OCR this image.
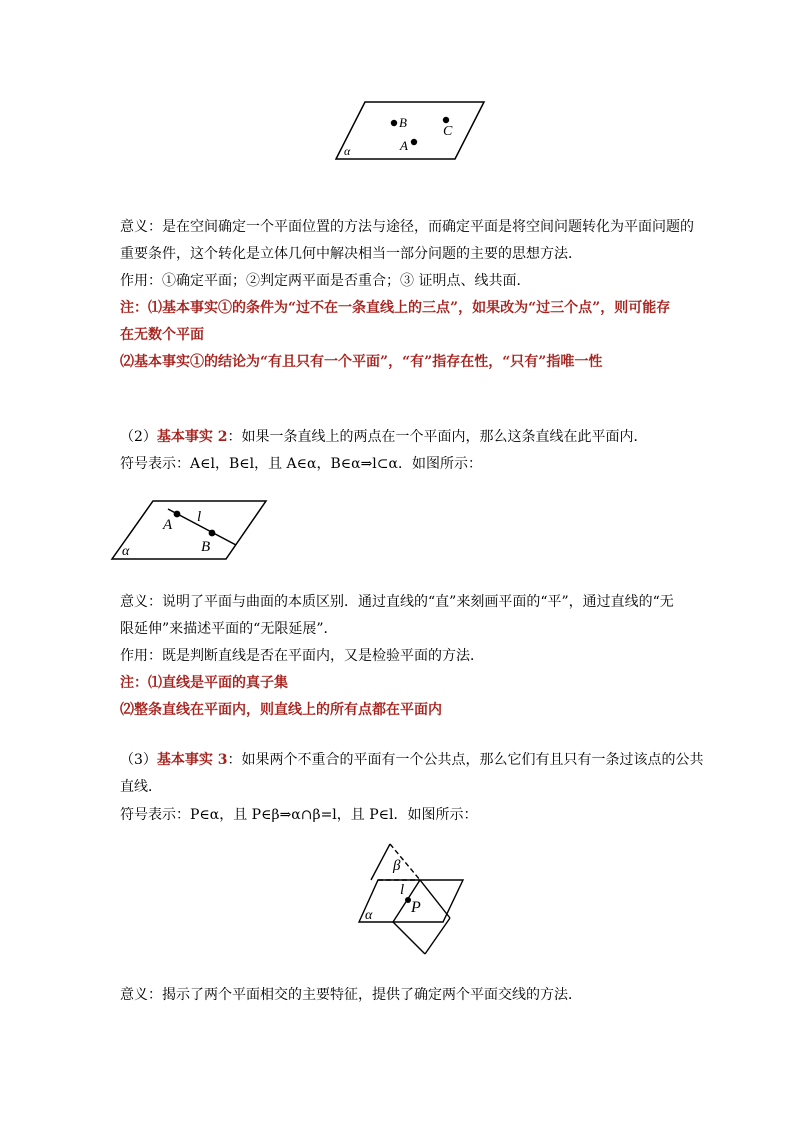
B
C
A
α
意义：是在空间确定一个平面位置的方法与途径，而确定平面是将空间问题转化为平面问题的
重要条件，这个转化是立体几何中解决相当一部分问题的主要的思想方法．
作用：①确定平面；②判定两平面是否重合；③ 证明点、线共面．
注：⑴基本事实①的条件为“过不在一条直线上的三点”，如果改为“过三个点”，则可能存
在无数个平面
⑵基本事实①的结论为“有且只有一个平面”，“有”指存在性，“只有”指唯一性
（2）基本事实 2：如果一条直线上的两点在一个平面内，那么这条直线在此平面内．
符号表示：A∈l，B∈l，且 A∈α，B∈α⇒l⊂α．如图所示：
A l
B
α
意义：说明了平面与曲面的本质区别．通过直线的“直”来刻画平面的“平”，通过直线的“无
限延伸”来描述平面的“无限延展”．
作用：既是判断直线是否在平面内，又是检验平面的方法．
注：⑴直线是平面的真子集
⑵整条直线在平面内，则直线上的所有点都在平面内
（3）基本事实 3：如果两个不重合的平面有一个公共点，那么它们有且只有一条过该点的公共
直线．
符号表示：P∈α，且 P∈β⇒α∩β=l，且 P∈l．如图所示：
β
l
P
α
意义：揭示了两个平面相交的主要特征，提供了确定两个平面交线的方法．
